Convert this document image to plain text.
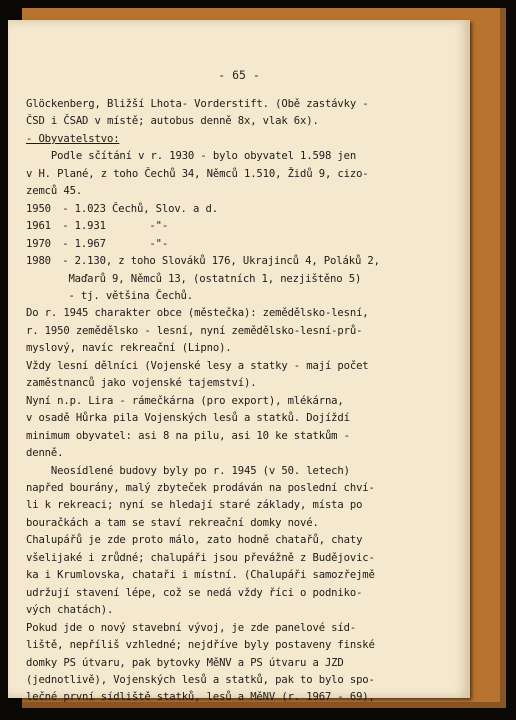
- 65 -
Glöckenberg, Bližší Lhota- Vorderstift. (Obě zastávky -
ČSD i ČSAD v místě; autobus denně 8x, vlak 6x).
- Obyvatelstvo:
Podle sčítání v r. 1930 - bylo obyvatel 1.598 jen
v H. Plané, z toho Čechů 34, Němců 1.510, Židů 9, cizo-
zemců 45.
1950 - 1.023 Čechů, Slov. a d.
1961 - 1.931       -"-
1970 - 1.967       -"-
1980 - 2.130, z toho Slováků 176, Ukrajinců 4, Poláků 2,
Maďarů 9, Němců 13, (ostatních 1, nezjištěno 5)
- tj. většina Čechů.
Do r. 1945 charakter obce (městečka): zemědělsko-lesní,
r. 1950 zemědělsko - lesní, nyní zemědělsko-lesní-prů-
myslový, navíc rekreační (Lipno).
Vždy lesní dělníci (Vojenské lesy a statky - mají počet
zaměstnanců jako vojenské tajemství).
Nyní n.p. Lira - rámečkárna (pro export), mlékárna,
v osadě Hůrka pila Vojenských lesů a statků. Dojíždí
minimum obyvatel: asi 8 na pilu, asi 10 ke statkům -
denně.
Neosídlené budovy byly po r. 1945 (v 50. letech)
napřed bourány, malý zbyteček prodáván na poslední chví-
li k rekreaci; nyní se hledají staré základy, místa po
bouračkách a tam se staví rekreační domky nové.
Chalupářů je zde proto málo, zato hodně chatařů, chaty
všelijaké i zrůdné; chalupáři jsou převážně z Budějovic-
ka i Krumlovska, chataři i místní. (Chalupáři samozřejmě
udržují stavení lépe, což se nedá vždy říci o podniko-
vých chatách).
Pokud jde o nový stavební vývoj, je zde panelové síd-
liště, nepříliš vzhledné; nejdříve byly postaveny finské
domky PS útvaru, pak bytovky MěNV a PS útvaru a JZD
(jednotlivě), Vojenských lesů a statků, pak to bylo spo-
lečné první sídliště statků, lesů a MěNV (r. 1967 - 69),
